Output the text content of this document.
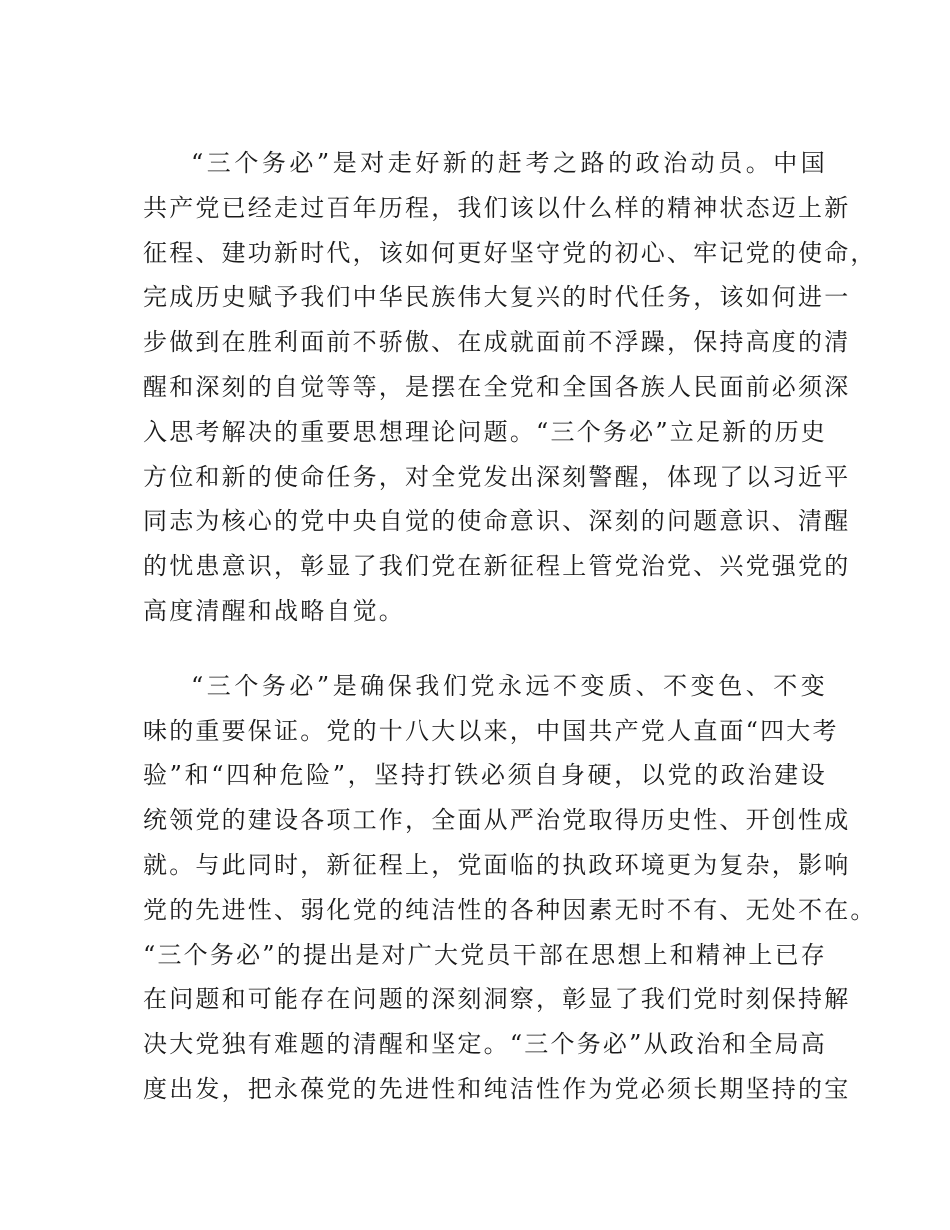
“三个务必”是对走好新的赶考之路的政治动员。中国
共产党已经走过百年历程，我们该以什么样的精神状态迈上新
征程、建功新时代，该如何更好坚守党的初心、牢记党的使命，
完成历史赋予我们中华民族伟大复兴的时代任务，该如何进一
步做到在胜利面前不骄傲、在成就面前不浮躁，保持高度的清
醒和深刻的自觉等等，是摆在全党和全国各族人民面前必须深
入思考解决的重要思想理论问题。“三个务必”立足新的历史
方位和新的使命任务，对全党发出深刻警醒，体现了以习近平
同志为核心的党中央自觉的使命意识、深刻的问题意识、清醒
的忧患意识，彰显了我们党在新征程上管党治党、兴党强党的
高度清醒和战略自觉。
“三个务必”是确保我们党永远不变质、不变色、不变
味的重要保证。党的十八大以来，中国共产党人直面“四大考
验”和“四种危险”，坚持打铁必须自身硬，以党的政治建设
统领党的建设各项工作，全面从严治党取得历史性、开创性成
就。与此同时，新征程上，党面临的执政环境更为复杂，影响
党的先进性、弱化党的纯洁性的各种因素无时不有、无处不在。
“三个务必”的提出是对广大党员干部在思想上和精神上已存
在问题和可能存在问题的深刻洞察，彰显了我们党时刻保持解
决大党独有难题的清醒和坚定。“三个务必”从政治和全局高
度出发，把永葆党的先进性和纯洁性作为党必须长期坚持的宝
